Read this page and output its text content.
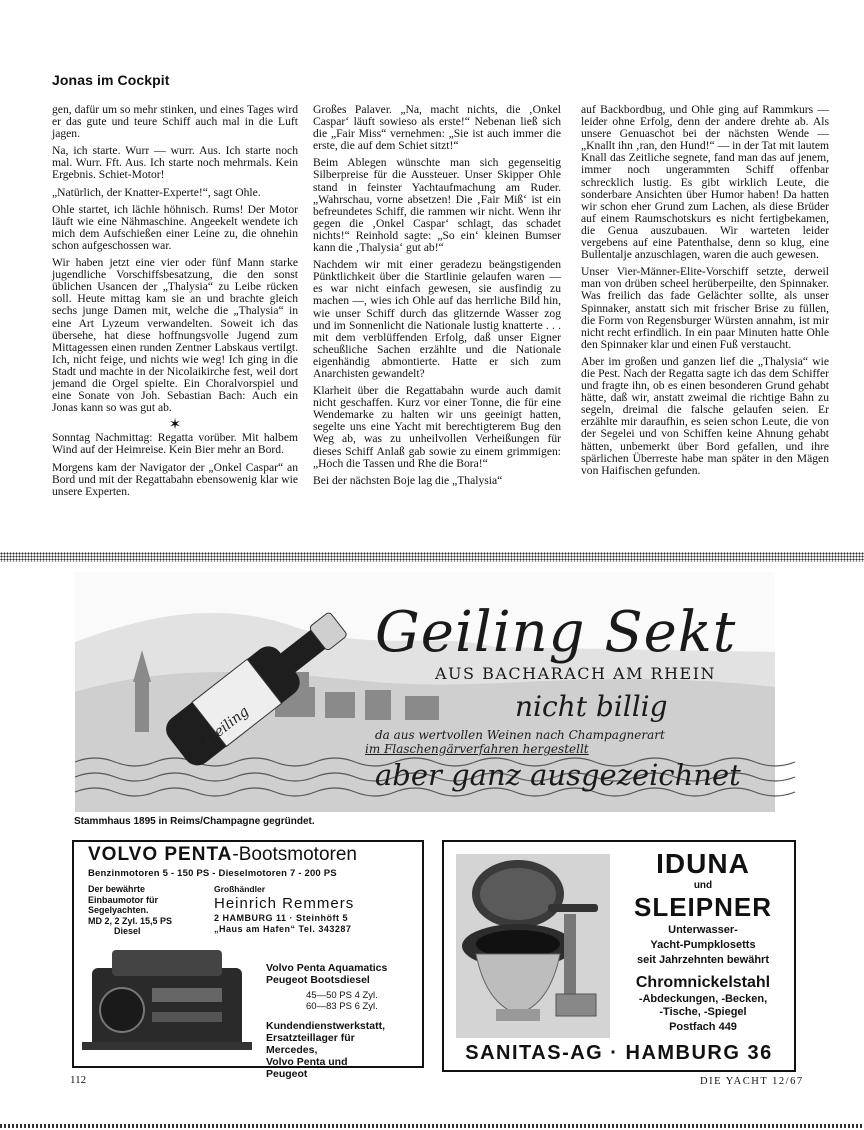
Jonas im Cockpit

gen, dafür um so mehr stinken, und eines Tages wird er das gute und teure Schiff auch mal in die Luft jagen.

Na, ich starte. Wurr — wurr. Aus. Ich starte noch mal. Wurr. Fft. Aus. Ich starte noch mehrmals. Kein Ergebnis. Schiet-Motor!

„Natürlich, der Knatter-Experte!“, sagt Ohle.

Ohle startet, ich lächle höhnisch. Rums! Der Motor läuft wie eine Nähmaschine. Angeekelt wendete ich mich dem Aufschießen einer Leine zu, die ohnehin schon aufgeschossen war.

Wir haben jetzt eine vier oder fünf Mann starke jugendliche Vorschiffsbesatzung, die den sonst üblichen Usancen der „Thalysia“ zu Leibe rücken soll. Heute mittag kam sie an und brachte gleich sechs junge Damen mit, welche die „Thalysia“ in eine Art Lyzeum verwandelten. Soweit ich das übersehe, hat diese hoffnungsvolle Jugend zum Mittagessen einen runden Zentner Labskaus vertilgt. Ich, nicht feige, und nichts wie weg! Ich ging in die Stadt und machte in der Nicolaikirche fest, weil dort jemand die Orgel spielte. Ein Choralvorspiel und eine Sonate von Joh. Sebastian Bach: Auch ein Jonas kann so was gut ab.

✶

Sonntag Nachmittag: Regatta vorüber. Mit halbem Wind auf der Heimreise. Kein Bier mehr an Bord.

Morgens kam der Navigator der „Onkel Caspar“ an Bord und mit der Regattabahn ebensowenig klar wie unsere Experten.

Großes Palaver. „Na, macht nichts, die ‚Onkel Caspar‘ läuft sowieso als erste!“ Nebenan ließ sich die „Fair Miss“ vernehmen: „Sie ist auch immer die erste, die auf dem Schiet sitzt!“

Beim Ablegen wünschte man sich gegenseitig Silberpreise für die Aussteuer. Unser Skipper Ohle stand in feinster Yachtaufmachung am Ruder. „Wahrschau, vorne absetzen! Die ‚Fair Miß‘ ist ein befreundetes Schiff, die rammen wir nicht. Wenn ihr gegen die ‚Onkel Caspar‘ schlagt, das schadet nichts!“ Reinhold sagte: „So ein‘ kleinen Bumser kann die ‚Thalysia‘ gut ab!“

Nachdem wir mit einer geradezu beängstigenden Pünktlichkeit über die Startlinie gelaufen waren — es war nicht einfach gewesen, sie ausfindig zu machen —, wies ich Ohle auf das herrliche Bild hin, wie unser Schiff durch das glitzernde Wasser zog und im Sonnenlicht die Nationale lustig knatterte . . . mit dem verblüffenden Erfolg, daß unser Eigner scheußliche Sachen erzählte und die Nationale eigenhändig abmontierte. Hatte er sich zum Anarchisten gewandelt?

Klarheit über die Regattabahn wurde auch damit nicht geschaffen. Kurz vor einer Tonne, die für eine Wendemarke zu halten wir uns geeinigt hatten, segelte uns eine Yacht mit berechtigterem Bug den Weg ab, was zu unheilvollen Verheißungen für dieses Schiff Anlaß gab sowie zu einem grimmigen: „Hoch die Tassen und Rhe die Bora!“

Bei der nächsten Boje lag die „Thalysia“

auf Backbordbug, und Ohle ging auf Rammkurs — leider ohne Erfolg, denn der andere drehte ab. Als unsere Genuaschot bei der nächsten Wende — „Knallt ihn ‚ran, den Hund!“ — in der Tat mit lautem Knall das Zeitliche segnete, fand man das auf jenem, immer noch ungerammten Schiff offenbar schrecklich lustig. Es gibt wirklich Leute, die sonderbare Ansichten über Humor haben! Da hatten wir schon eher Grund zum Lachen, als diese Brüder auf einem Raumschotskurs es nicht fertigbekamen, die Genua auszubauen. Wir warteten leider vergebens auf eine Patenthalse, denn so klug, eine Bullentalje anzuschlagen, waren die auch gewesen.

Unser Vier-Männer-Elite-Vorschiff setzte, derweil man von drüben scheel herüberpeilte, den Spinnaker. Was freilich das fade Gelächter sollte, als unser Spinnaker, anstatt sich mit frischer Brise zu füllen, die Form von Regensburger Würsten annahm, ist mir nicht recht erfindlich. In ein paar Minuten hatte Ohle den Spinnaker klar und einen Fuß verstaucht.

Aber im großen und ganzen lief die „Thalysia“ wie die Pest. Nach der Regatta sagte ich das dem Schiffer und fragte ihn, ob es einen besonderen Grund gehabt hätte, daß wir, anstatt zweimal die richtige Bahn zu segeln, dreimal die falsche gelaufen seien. Er erzählte mir daraufhin, es seien schon Leute, die von der Segelei und von Schiffen keine Ahnung gehabt hätten, unbemerkt über Bord gefallen, und ihre spärlichen Überreste habe man später in den Mägen von Haifischen gefunden.

Geiling
Geiling Sekt
AUS BACHARACH AM RHEIN
nicht billig
da aus wertvollen Weinen nach Champagnerart
im Flaschengärverfahren hergestellt
aber ganz ausgezeichnet
Stammhaus 1895 in Reims/Champagne gegründet.
VOLVO PENTA-Bootsmotoren
Benzinmotoren 5 - 150 PS - Dieselmotoren 7 - 200 PS
Der bewährte Einbaumotor für Segelyachten.
MD 2, 2 Zyl. 15,5 PS
Diesel
Großhändler
Heinrich Remmers
2 HAMBURG 11 · Steinhöft 5
„Haus am Hafen“ Tel. 343287
Volvo Penta Aquamatics
Peugeot Bootsdiesel
45—50 PS 4 Zyl.
60—83 PS 6 Zyl.
Kundendienstwerkstatt,
Ersatzteillager für
Mercedes,
Volvo Penta und
Peugeot
IDUNA
und
SLEIPNER
Unterwasser-
Yacht-Pumpklosetts
seit Jahrzehnten bewährt
Chromnickelstahl
-Abdeckungen, -Becken,
-Tische, -Spiegel
Postfach 449
SANITAS-AG · HAMBURG 36
112	DIE YACHT 12/67
